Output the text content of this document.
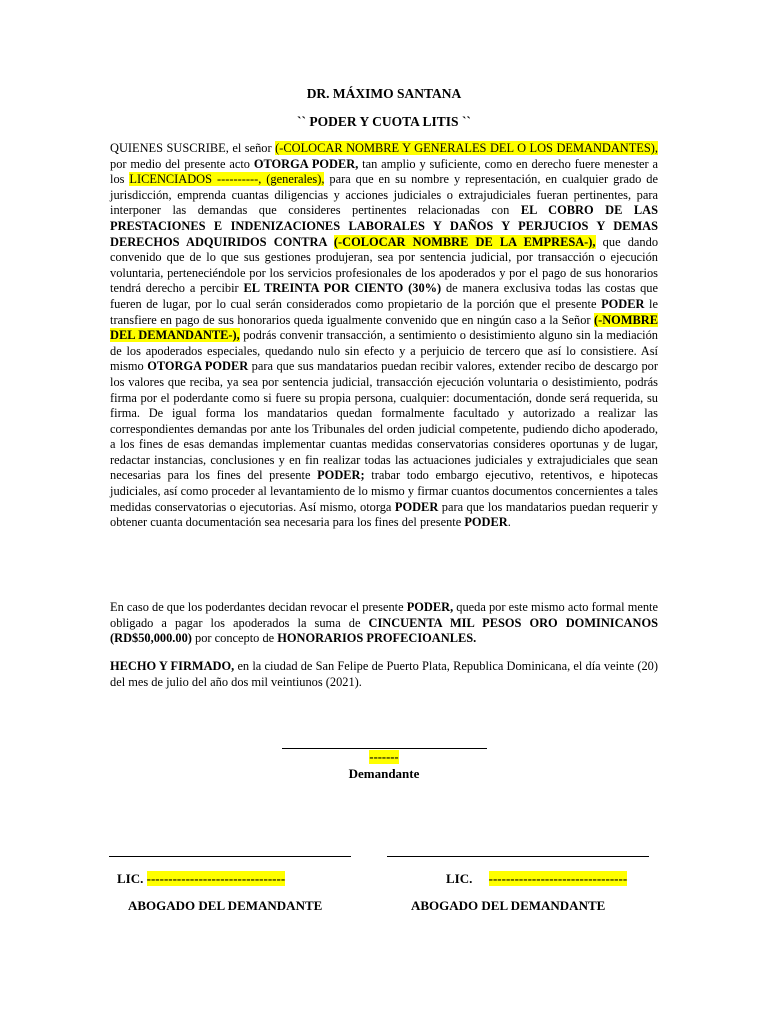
DR. MÁXIMO SANTANA
`` PODER Y CUOTA LITIS ``

QUIENES SUSCRIBE, el señor (-COLOCAR NOMBRE Y GENERALES DEL O LOS DEMANDANTES), por medio del presente acto OTORGA PODER, tan amplio y suficiente, como en derecho fuere menester a los LICENCIADOS ----------, (generales), para que en su nombre y representación, en cualquier grado de jurisdicción, emprenda cuantas diligencias y acciones judiciales o extrajudiciales fueran pertinentes, para interponer las demandas que consideres pertinentes relacionadas con EL COBRO DE LAS PRESTACIONES E INDENIZACIONES LABORALES Y DAÑOS Y PERJUCIOS Y DEMAS DERECHOS ADQUIRIDOS CONTRA (-COLOCAR NOMBRE DE LA EMPRESA-), que dando convenido que de lo que sus gestiones produjeran, sea por sentencia judicial, por transacción o ejecución voluntaria, perteneciéndole por los servicios profesionales de los apoderados y por el pago de sus honorarios tendrá derecho a percibir EL TREINTA POR CIENTO (30%) de manera exclusiva todas las costas que fueren de lugar, por lo cual serán considerados como propietario de la porción que el presente PODER le transfiere en pago de sus honorarios queda igualmente convenido que en ningún caso a la Señor (-NOMBRE DEL DEMANDANTE-), podrás convenir transacción, a sentimiento o desistimiento alguno sin la mediación de los apoderados especiales, quedando nulo sin efecto y a perjuicio de tercero que así lo consistiere. Así mismo OTORGA PODER para que sus mandatarios puedan recibir valores, extender recibo de descargo por los valores que reciba, ya sea por sentencia judicial, transacción ejecución voluntaria o desistimiento, podrás firma por el poderdante como si fuere su propia persona, cualquier: documentación, donde será requerida, su firma. De igual forma los mandatarios quedan formalmente facultado y autorizado a realizar las correspondientes demandas por ante los Tribunales del orden judicial competente, pudiendo dicho apoderado, a los fines de esas demandas implementar cuantas medidas conservatorias consideres oportunas y de lugar, redactar instancias, conclusiones y en fin realizar todas las actuaciones judiciales y extrajudiciales que sean necesarias para los fines del presente PODER; trabar todo embargo ejecutivo, retentivos, e hipotecas judiciales, así como proceder al levantamiento de lo mismo y firmar cuantos documentos concernientes a tales medidas conservatorias o ejecutorias. Así mismo, otorga PODER para que los mandatarios puedan requerir y obtener cuanta documentación sea necesaria para los fines del presente PODER.

En caso de que los poderdantes decidan revocar el presente PODER, queda por este mismo acto formal mente obligado a pagar los apoderados la suma de CINCUENTA MIL PESOS ORO DOMINICANOS (RD$50,000.00) por concepto de HONORARIOS PROFECIOANLES.

HECHO Y FIRMADO, en la ciudad de San Felipe de Puerto Plata, Republica Dominicana, el día veinte (20) del mes de julio del año dos mil veintiunos (2021).

-------
Demandante
LIC. --------------------------------	LIC. --------------------------------
ABOGADO DEL DEMANDANTE	ABOGADO DEL DEMANDANTE
